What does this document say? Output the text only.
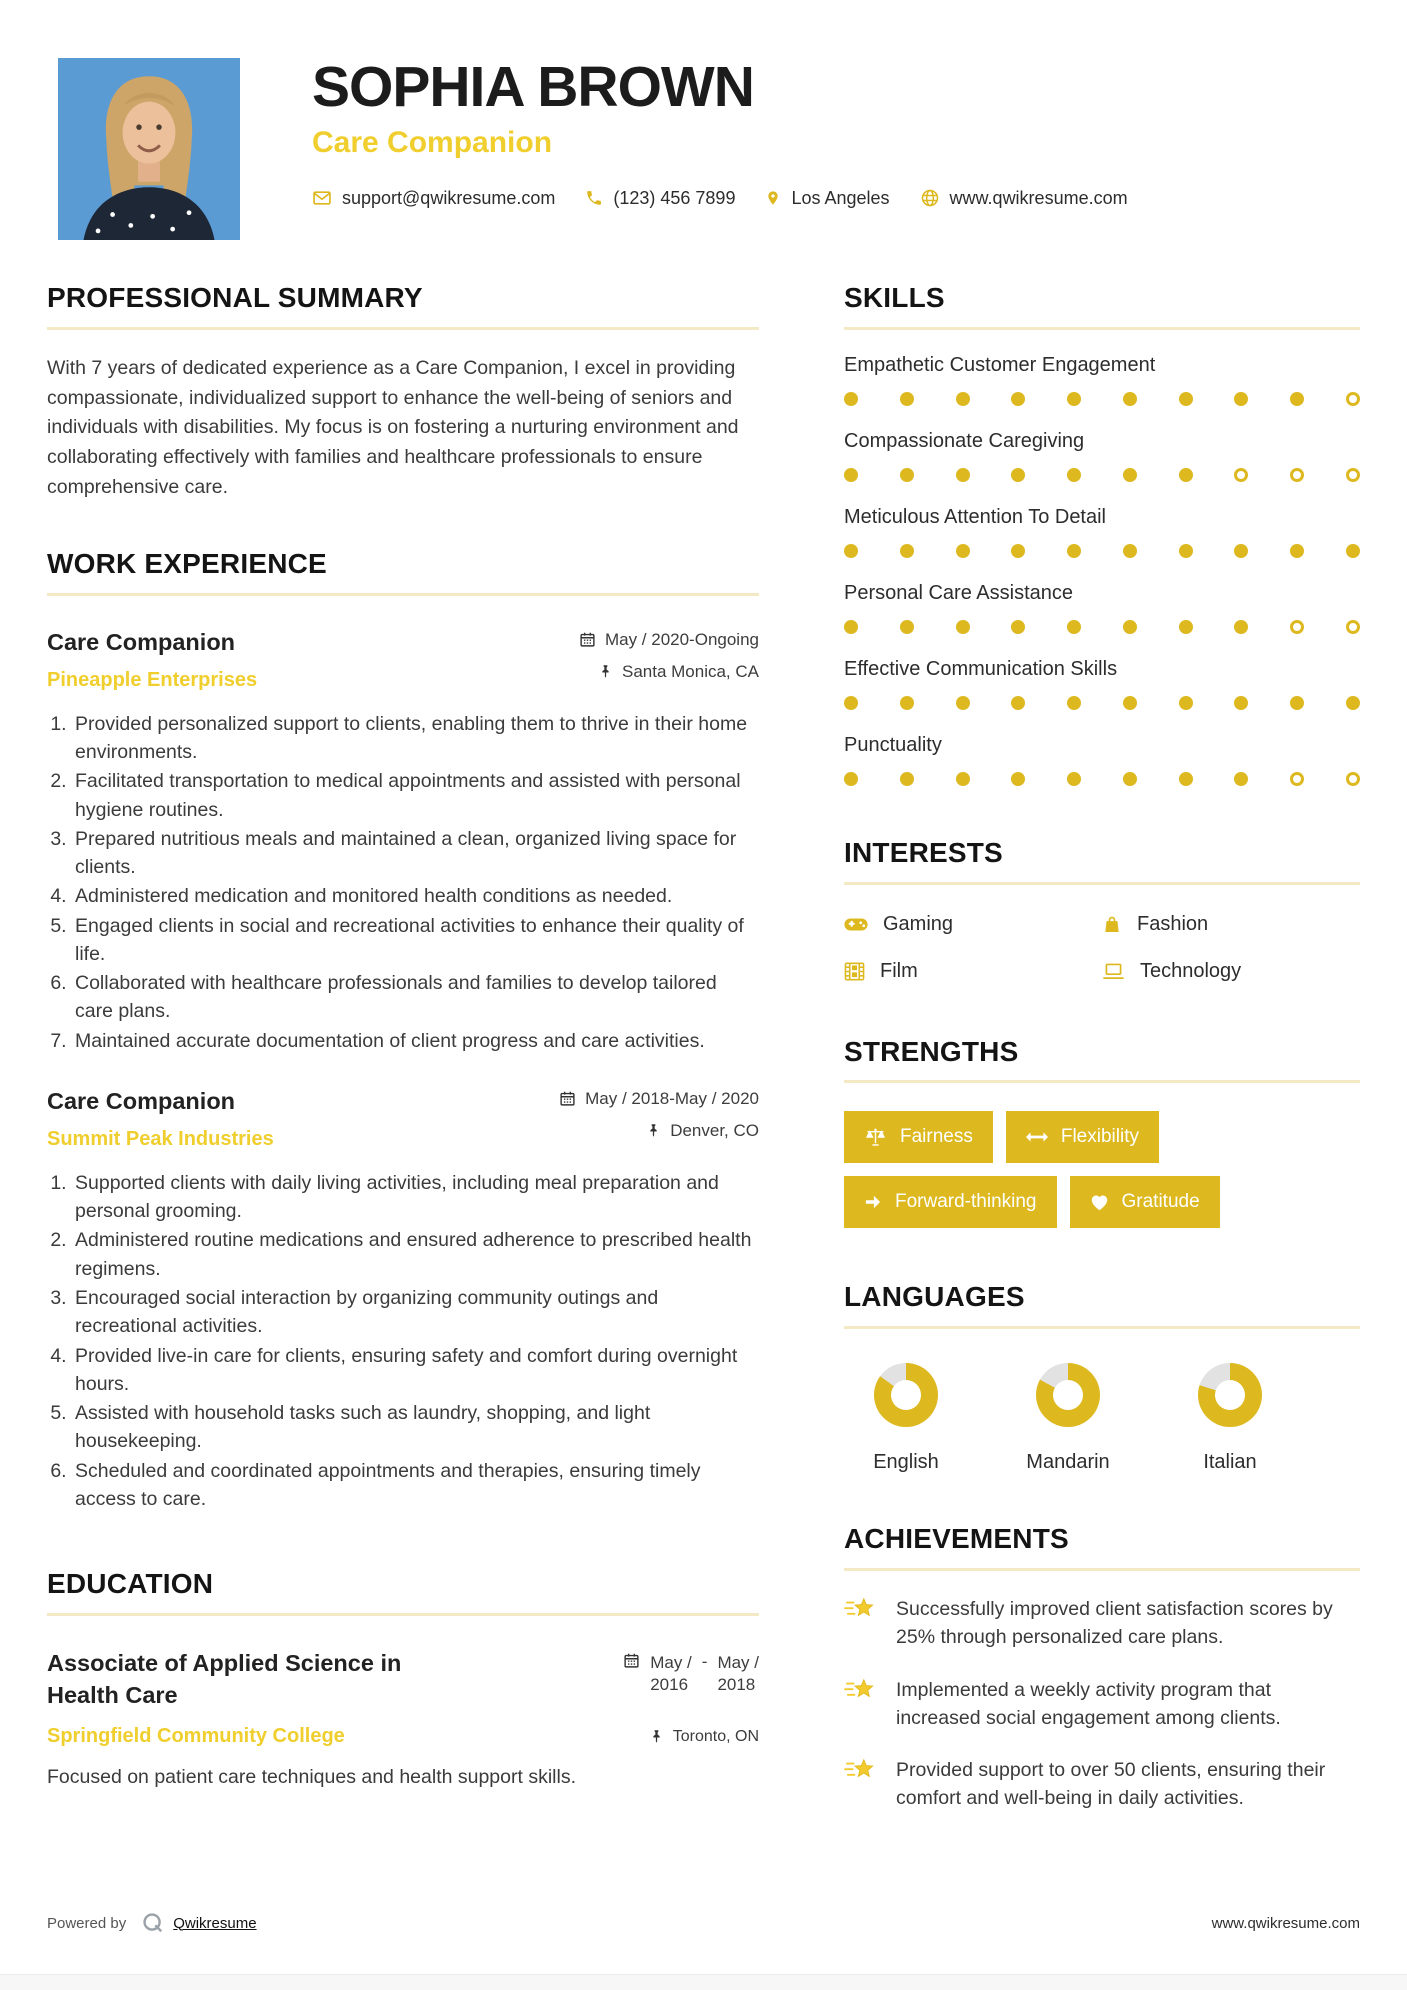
SOPHIA BROWN
Care Companion
support@qwikresume.com	(123) 456 7899	Los Angeles	www.qwikresume.com
PROFESSIONAL SUMMARY
With 7 years of dedicated experience as a Care Companion, I excel in providing compassionate, individualized support to enhance the well-being of seniors and individuals with disabilities. My focus is on fostering a nurturing environment and collaborating effectively with families and healthcare professionals to ensure comprehensive care.
WORK EXPERIENCE
Care Companion
Pineapple Enterprises
May / 2020-Ongoing
Santa Monica, CA
1. Provided personalized support to clients, enabling them to thrive in their home environments.
2. Facilitated transportation to medical appointments and assisted with personal hygiene routines.
3. Prepared nutritious meals and maintained a clean, organized living space for clients.
4. Administered medication and monitored health conditions as needed.
5. Engaged clients in social and recreational activities to enhance their quality of life.
6. Collaborated with healthcare professionals and families to develop tailored care plans.
7. Maintained accurate documentation of client progress and care activities.
Care Companion
Summit Peak Industries
May / 2018-May / 2020
Denver, CO
1. Supported clients with daily living activities, including meal preparation and personal grooming.
2. Administered routine medications and ensured adherence to prescribed health regimens.
3. Encouraged social interaction by organizing community outings and recreational activities.
4. Provided live-in care for clients, ensuring safety and comfort during overnight hours.
5. Assisted with household tasks such as laundry, shopping, and light housekeeping.
6. Scheduled and coordinated appointments and therapies, ensuring timely access to care.
EDUCATION
Associate of Applied Science in Health Care
May /
2016
- May /
2018
Springfield Community College	Toronto, ON
Focused on patient care techniques and health support skills.
SKILLS
Empathetic Customer Engagement
Compassionate Caregiving
Meticulous Attention To Detail
Personal Care Assistance
Effective Communication Skills
Punctuality
INTERESTS
Gaming	Fashion
Film	Technology
STRENGTHS
Fairness	Flexibility
Forward-thinking	Gratitude
LANGUAGES
English	Mandarin	Italian
ACHIEVEMENTS
Successfully improved client satisfaction scores by 25% through personalized care plans.
Implemented a weekly activity program that increased social engagement among clients.
Provided support to over 50 clients, ensuring their comfort and well-being in daily activities.
Powered by	Qwikresume	www.qwikresume.com
